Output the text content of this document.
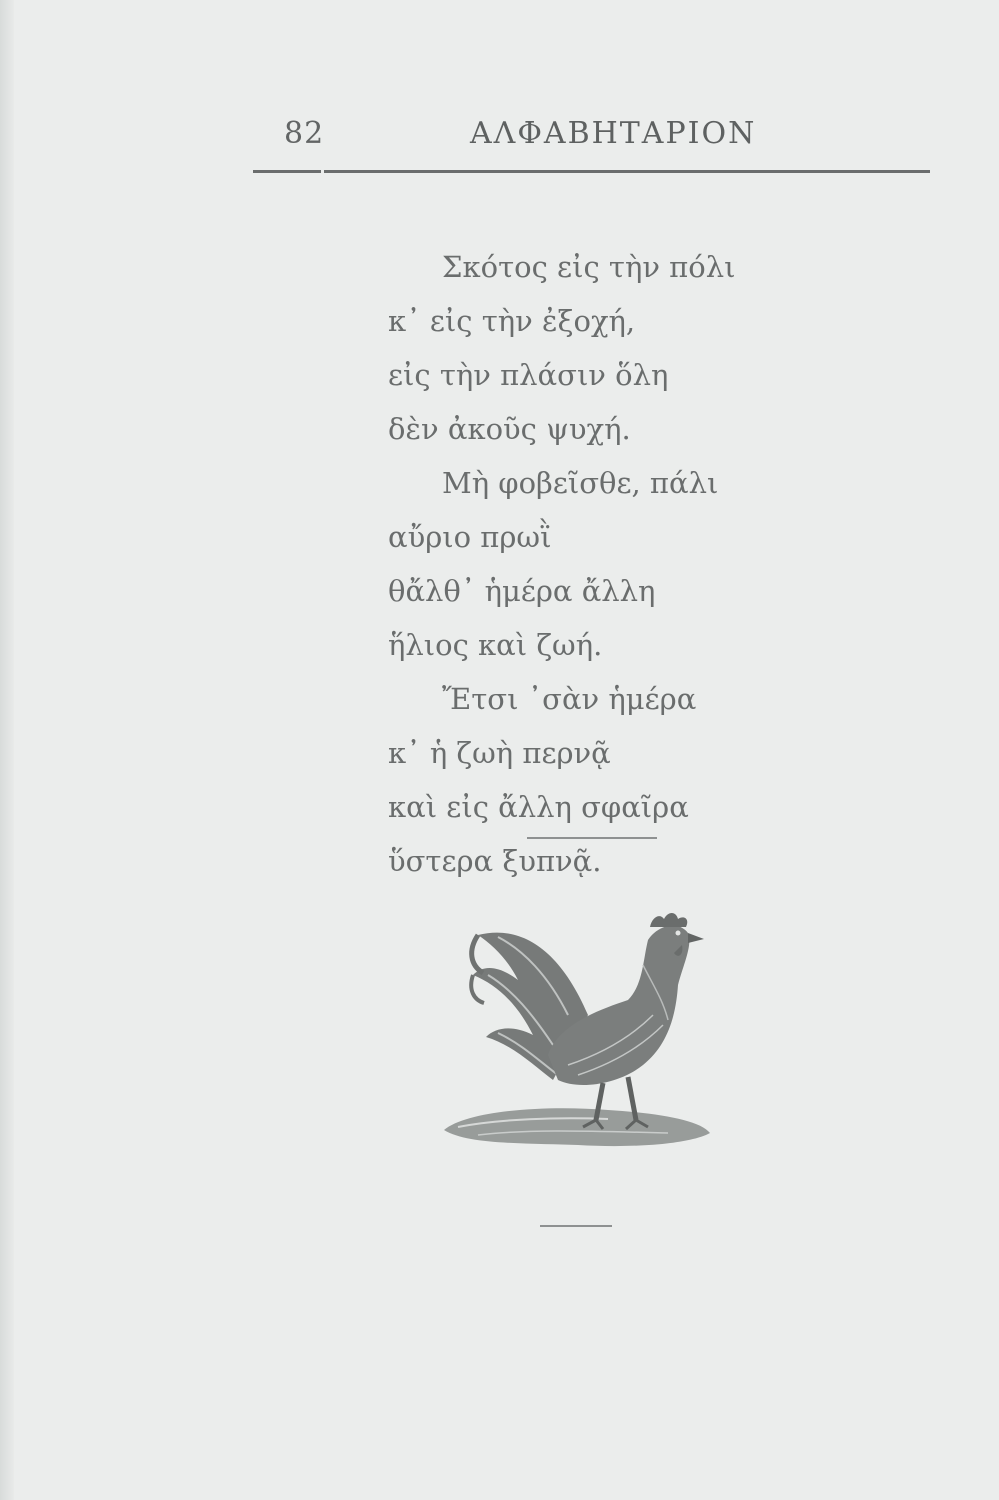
82	ΑΛΦΑΒΗΤΑΡΙΟΝ
Σκότος εἰς τὴν πόλι
κ᾽ εἰς τὴν ἐξοχή,
εἰς τὴν πλάσιν ὅλη
δὲν ἀκοῦς ψυχή.
Μὴ φοβεῖσθε, πάλι
αὔριο πρωῒ
θἄλθ᾽ ἡμέρα ἄλλη
ἥλιος καὶ ζωή.
Ἔτσι ᾽σὰν ἡμέρα
κ᾽ ἡ ζωὴ περνᾷ
καὶ εἰς ἄλλη σφαῖρα
ὕστερα ξυπνᾷ.
